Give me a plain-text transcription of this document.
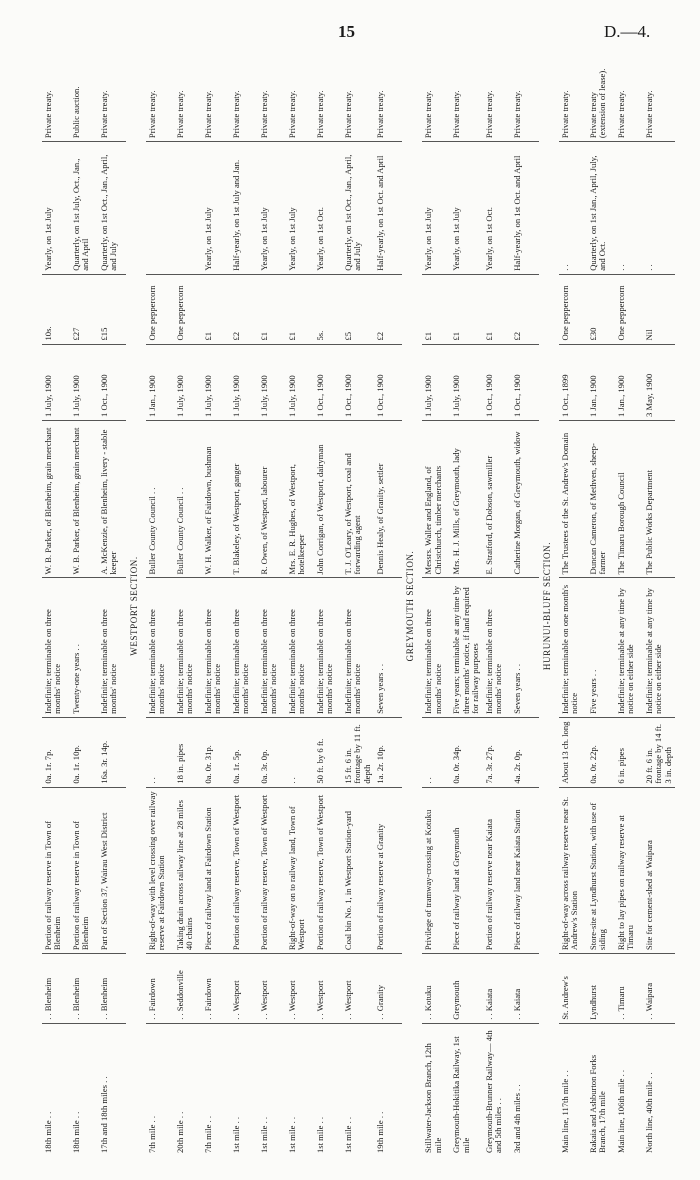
15	D.—4.
18th mile . .	. . Blenheim	Portion of railway reserve in Town of Blenheim	0a. 1r. 7p.	Indefinite; terminable on three months' notice	W. B. Parker, of Blenheim, grain merchant	1 July, 1900	10s.	Yearly, on 1st July	Private treaty.
18th mile . .	. . Blenheim	Portion of railway reserve in Town of Blenheim	0a. 1r. 10p.	Twenty-one years . .	W. B. Parker, of Blenheim, grain merchant	1 July, 1900	£27	Quarterly, on 1st July, Oct., Jan., and April	Public auction.
17th and 18th miles . .	. . Blenheim	Part of Section 37, Wairau West District	16a. 3r. 14p.	Indefinite; terminable on three months' notice	A. McKenzie, of Blenheim, livery - stable keeper	1 Oct., 1900	£15	Quarterly, on 1st Oct., Jan., April, and July	Private treaty.
WESTPORT SECTION.									
7th mile . .	. . Fairdown	Right-of-way with level crossing over railway reserve at Fairdown Station	. .	Indefinite; terminable on three months' notice	Buller County Council . .	1 Jan., 1900	One peppercorn		Private treaty.
20th mile . .	. . Seddonville	Taking drain across railway line at 28 miles 40 chains	18 in. pipes	Indefinite; terminable on three months' notice	Buller County Council . .	1 July, 1900	One peppercorn		Private treaty.
7th mile . .	. . Fairdown	Piece of railway land at Fairdown Station	0a. 0r. 31p.	Indefinite; terminable on three months' notice	W. H. Walker, of Fairdown, bushman	1 July, 1900	£1	Yearly, on 1st July	Private treaty.
1st mile . .	. . Westport	Portion of railway reserve, Town of Westport	0a. 1r. 5p.	Indefinite; terminable on three months' notice	T. Blakeley, of Westport, ganger	1 July, 1900	£2	Half-yearly, on 1st July and Jan.	Private treaty.
1st mile . .	. . Westport	Portion of railway reserve, Town of Westport	0a. 3r. 0p.	Indefinite; terminable on three months' notice	R. Owen, of Westport, labourer	1 July, 1900	£1	Yearly, on 1st July	Private treaty.
1st mile . .	. . Westport	Right-of-way on to railway land, Town of Westport	. .	Indefinite; terminable on three months' notice	Mrs. E. R. Hughes, of Westport, hotelkeeper	1 July, 1900	£1	Yearly, on 1st July	Private treaty.
1st mile . .	. . Westport	Portion of railway reserve, Town of Westport	50 ft. by 6 ft.	Indefinite; terminable on three months' notice	John Corrigan, of Westport, dairyman	1 Oct., 1900	5s.	Yearly, on 1st Oct.	Private treaty.
1st mile . .	. . Westport	Coal bin No. 1, in Westport Station-yard	15 ft. 6 in. frontage by 11 ft. depth	Indefinite; terminable on three months' notice	T. J. O'Leary, of Westport, coal and forwarding agent	1 Oct., 1900	£5	Quarterly, on 1st Oct., Jan., April, and July	Private treaty.
19th mile . .	. . Granity	Portion of railway reserve at Granity	1a. 2r. 10p.	Seven years . .	Dennis Healy, of Granity, settler	1 Oct., 1900	£2	Half-yearly, on 1st Oct. and April	Private treaty.
GREYMOUTH SECTION.									
Stillwater-Jackson Branch, 12th mile	. . Kotuku	Privilege of tramway-crossing at Kotuku	. .	Indefinite; terminable on three months' notice	Messrs. Waller and England, of Christchurch, timber merchants	1 July, 1900	£1	Yearly, on 1st July	Private treaty.
Greymouth-Hokitika Railway, 1st mile	Greymouth	Piece of railway land at Greymouth	0a. 0r. 34p.	Five years; terminable at any time by three months' notice, if land required for railway purposes	Mrs. H. J. Mills, of Greymouth, lady	1 July, 1900	£1	Yearly, on 1st July	Private treaty.
Greymouth-Brunner Railway— 4th and 5th miles . .	. . Kaiata	Portion of railway reserve near Kaiata	7a. 3r. 27p.	Indefinite; terminable on three months' notice	E. Stratford, of Dobson, sawmiller	1 Oct., 1900	£1	Yearly, on 1st Oct.	Private treaty.
3rd and 4th miles . .	. . Kaiata	Piece of railway land near Kaiata Station	4a. 2r. 0p.	Seven years . .	Catherine Morgan, of Greymouth, widow	1 Oct., 1900	£2	Half-yearly, on 1st Oct. and April	Private treaty.
HURUNUI-BLUFF SECTION.									
Main line, 117th mile . .	St. Andrew's	Right-of-way across railway reserve near St. Andrew's Station	About 13 ch. long	Indefinite; terminable on one month's notice	The Trustees of the St. Andrew's Domain	1 Oct., 1899	One peppercorn	. .	Private treaty.
Rakaia and Ashburton Forks Branch, 17th mile	Lyndhurst	Store-site at Lyndhurst Station, with use of siding	0a. 0r. 22p.	Five years . .	Duncan Cameron, of Methven, sheep-farmer	1 Jan., 1900	£30	Quarterly, on 1st Jan., April, July, and Oct.	Private treaty (extension of lease).
Main line, 106th mile . .	. . Timaru	Right to lay pipes on railway reserve at Timaru	6 in. pipes	Indefinite; terminable at any time by notice on either side	The Timaru Borough Council	1 Jan., 1900	One peppercorn	. .	Private treaty.
North line, 40th mile . .	. . Waipara	Site for cement-shed at Waipara	20 ft. 6 in. frontage by 14 ft. 3 in. depth	Indefinite; terminable at any time by notice on either side	The Public Works Department	3 May, 1900	Nil	. .	Private treaty.
